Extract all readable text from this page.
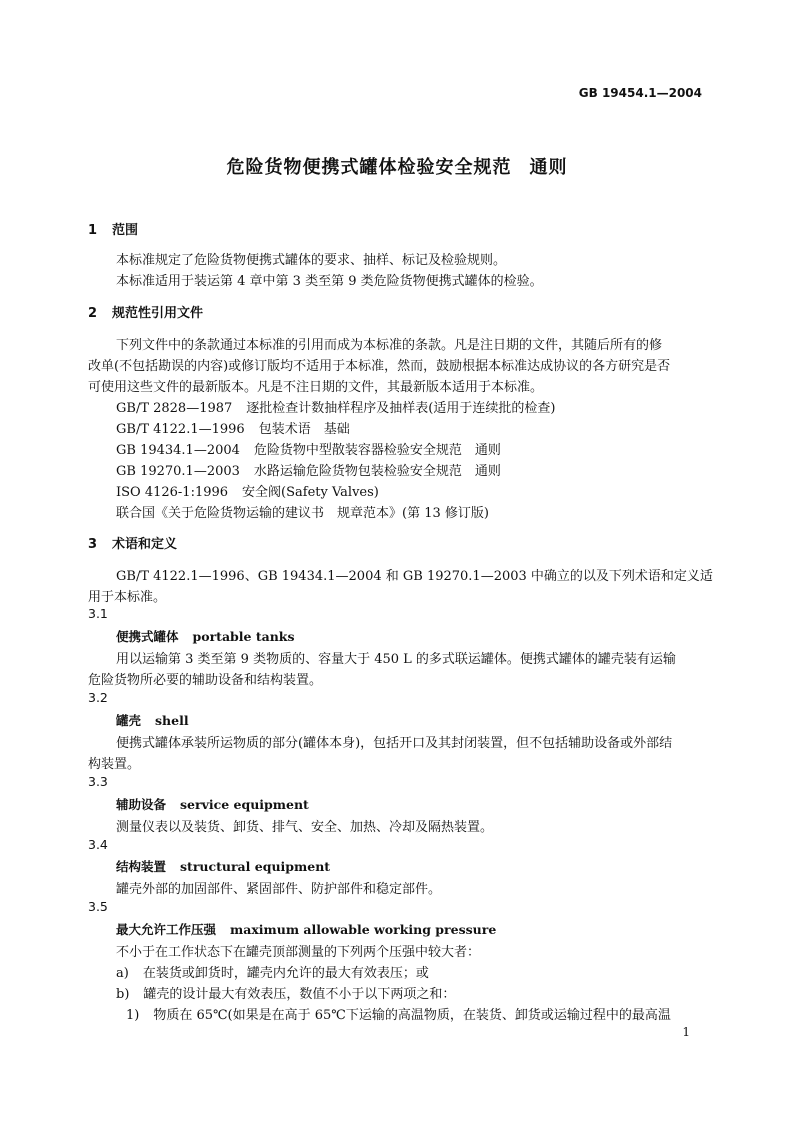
GB 19454.1—2004
危险货物便携式罐体检验安全规范 通则
1 范围
本标准规定了危险货物便携式罐体的要求、抽样、标记及检验规则。
本标准适用于装运第 4 章中第 3 类至第 9 类危险货物便携式罐体的检验。
2 规范性引用文件
下列文件中的条款通过本标准的引用而成为本标准的条款。凡是注日期的文件，其随后所有的修
改单(不包括勘误的内容)或修订版均不适用于本标准，然而，鼓励根据本标准达成协议的各方研究是否
可使用这些文件的最新版本。凡是不注日期的文件，其最新版本适用于本标准。
GB/T 2828—1987 逐批检查计数抽样程序及抽样表(适用于连续批的检查)
GB/T 4122.1—1996 包装术语　基础
GB 19434.1—2004 危险货物中型散装容器检验安全规范　通则
GB 19270.1—2003 水路运输危险货物包装检验安全规范　通则
ISO 4126-1:1996 安全阀(Safety Valves)
联合国《关于危险货物运输的建议书　规章范本》(第 13 修订版)
3 术语和定义
GB/T 4122.1—1996、GB 19434.1—2004 和 GB 19270.1—2003 中确立的以及下列术语和定义适
用于本标准。
3.1
便携式罐体 portable tanks
用以运输第 3 类至第 9 类物质的、容量大于 450 L 的多式联运罐体。便携式罐体的罐壳装有运输
危险货物所必要的辅助设备和结构装置。
3.2
罐壳 shell
便携式罐体承装所运物质的部分(罐体本身)，包括开口及其封闭装置，但不包括辅助设备或外部结
构装置。
3.3
辅助设备 service equipment
测量仪表以及装货、卸货、排气、安全、加热、冷却及隔热装置。
3.4
结构装置 structural equipment
罐壳外部的加固部件、紧固部件、防护部件和稳定部件。
3.5
最大允许工作压强 maximum allowable working pressure
不小于在工作状态下在罐壳顶部测量的下列两个压强中较大者：
a) 在装货或卸货时，罐壳内允许的最大有效表压；或
b) 罐壳的设计最大有效表压，数值不小于以下两项之和：
1) 物质在 65℃(如果是在高于 65℃下运输的高温物质，在装货、卸货或运输过程中的最高温
1
